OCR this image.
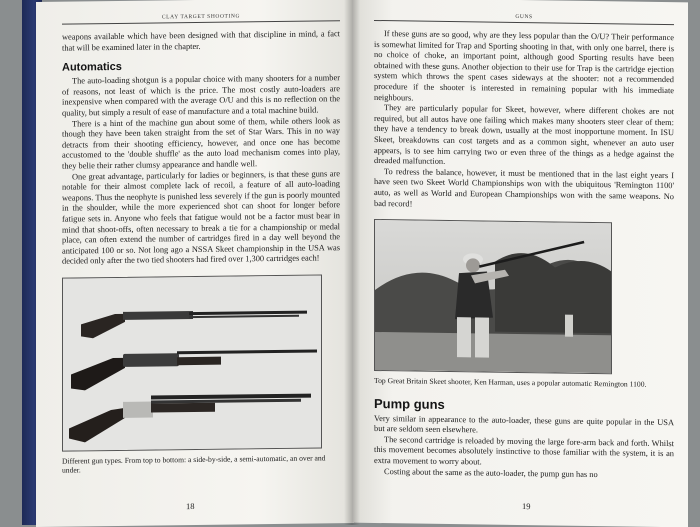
CLAY TARGET SHOOTING

weapons available which have been designed with that discipline in mind, a fact that will be examined later in the chapter.

Automatics

The auto-loading shotgun is a popular choice with many shooters for a number of reasons, not least of which is the price. The most costly auto-loaders are inexpensive when compared with the average O/U and this is no reflection on the quality, but simply a result of ease of manufacture and a total machine build.

There is a hint of the machine gun about some of them, while others look as though they have been taken straight from the set of Star Wars. This in no way detracts from their shooting efficiency, however, and once one has become accustomed to the 'double shuffle' as the auto load mechanism comes into play, they belie their rather clumsy appearance and handle well.

One great advantage, particularly for ladies or beginners, is that these guns are notable for their almost complete lack of recoil, a feature of all auto-loading weapons. Thus the neophyte is punished less severely if the gun is poorly mounted in the shoulder, while the more experienced shot can shoot for longer before fatigue sets in. Anyone who feels that fatigue would not be a factor must bear in mind that shoot-offs, often necessary to break a tie for a championship or medal place, can often extend the number of cartridges fired in a day well beyond the anticipated 100 or so. Not long ago a NSSA Skeet championship in the USA was decided only after the two tied shooters had fired over 1,300 cartridges each!

Different gun types. From top to bottom: a side-by-side, a semi-automatic, an over and under.
18
GUNS

If these guns are so good, why are they less popular than the O/U? Their performance is somewhat limited for Trap and Sporting shooting in that, with only one barrel, there is no choice of choke, an important point, although good Sporting results have been obtained with these guns. Another objection to their use for Trap is the cartridge ejection system which throws the spent cases sideways at the shooter: not a recommended procedure if the shooter is interested in remaining popular with his immediate neighbours.

They are particularly popular for Skeet, however, where different chokes are not required, but all autos have one failing which makes many shooters steer clear of them: they have a tendency to break down, usually at the most inopportune moment. In ISU Skeet, breakdowns can cost targets and as a common sight, whenever an auto user appears, is to see him carrying two or even three of the things as a hedge against the dreaded malfunction.

To redress the balance, however, it must be mentioned that in the last eight years I have seen two Skeet World Championships won with the ubiquitous 'Remington 1100' auto, as well as World and European Championships won with the same weapons. No bad record!

Top Great Britain Skeet shooter, Ken Harman, uses a popular automatic Remington 1100.
Pump guns

Very similar in appearance to the auto-loader, these guns are quite popular in the USA but are seldom seen elsewhere.

The second cartridge is reloaded by moving the large fore-arm back and forth. Whilst this movement becomes absolutely instinctive to those familiar with the system, it is an extra movement to worry about.

Costing about the same as the auto-loader, the pump gun has no

19
